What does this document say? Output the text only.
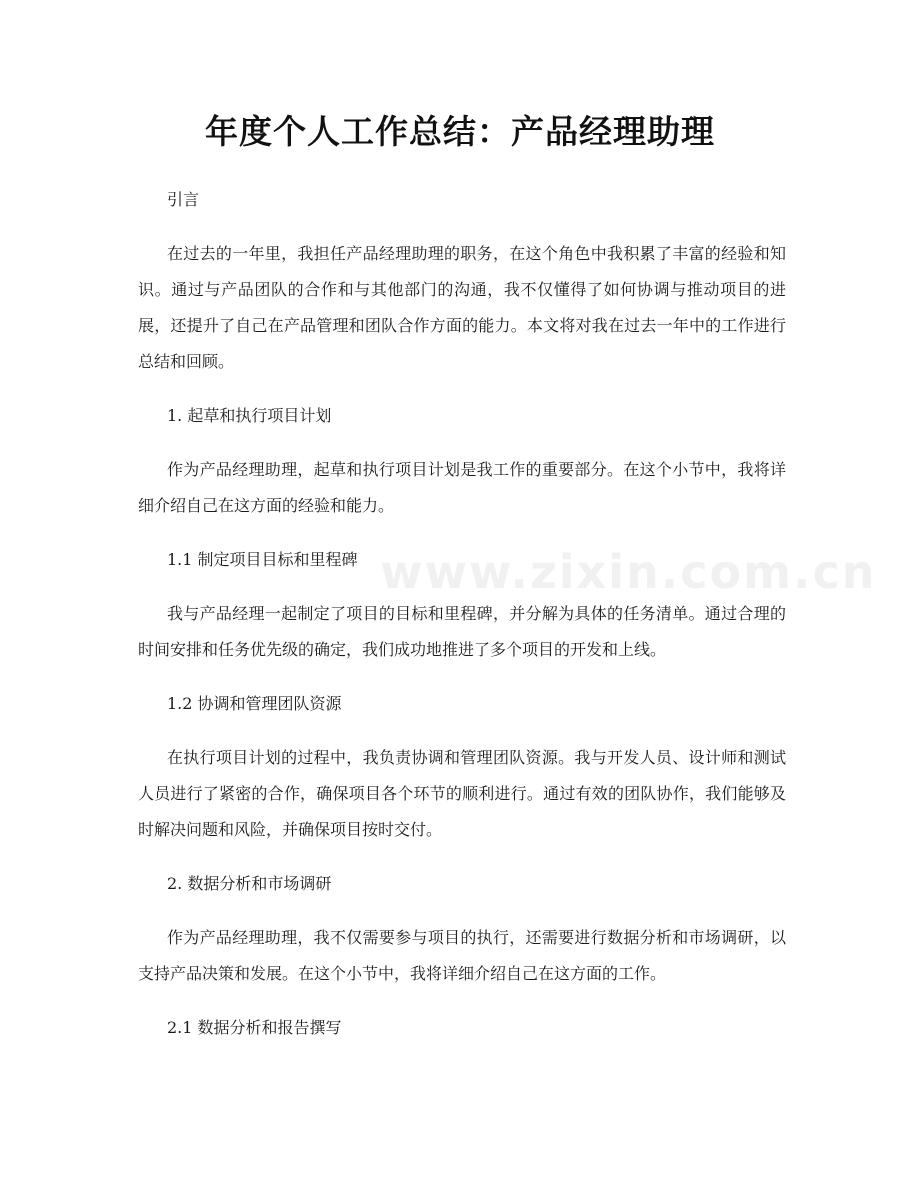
www.zixin.com.cn
年度个人工作总结：产品经理助理

引言

在过去的一年里，我担任产品经理助理的职务，在这个角色中我积累了丰富的经验和知识。通过与产品团队的合作和与其他部门的沟通，我不仅懂得了如何协调与推动项目的进展，还提升了自己在产品管理和团队合作方面的能力。本文将对我在过去一年中的工作进行总结和回顾。

1. 起草和执行项目计划

作为产品经理助理，起草和执行项目计划是我工作的重要部分。在这个小节中，我将详细介绍自己在这方面的经验和能力。

1.1 制定项目目标和里程碑

我与产品经理一起制定了项目的目标和里程碑，并分解为具体的任务清单。通过合理的时间安排和任务优先级的确定，我们成功地推进了多个项目的开发和上线。

1.2 协调和管理团队资源

在执行项目计划的过程中，我负责协调和管理团队资源。我与开发人员、设计师和测试人员进行了紧密的合作，确保项目各个环节的顺利进行。通过有效的团队协作，我们能够及时解决问题和风险，并确保项目按时交付。

2. 数据分析和市场调研

作为产品经理助理，我不仅需要参与项目的执行，还需要进行数据分析和市场调研，以支持产品决策和发展。在这个小节中，我将详细介绍自己在这方面的工作。

2.1 数据分析和报告撰写
